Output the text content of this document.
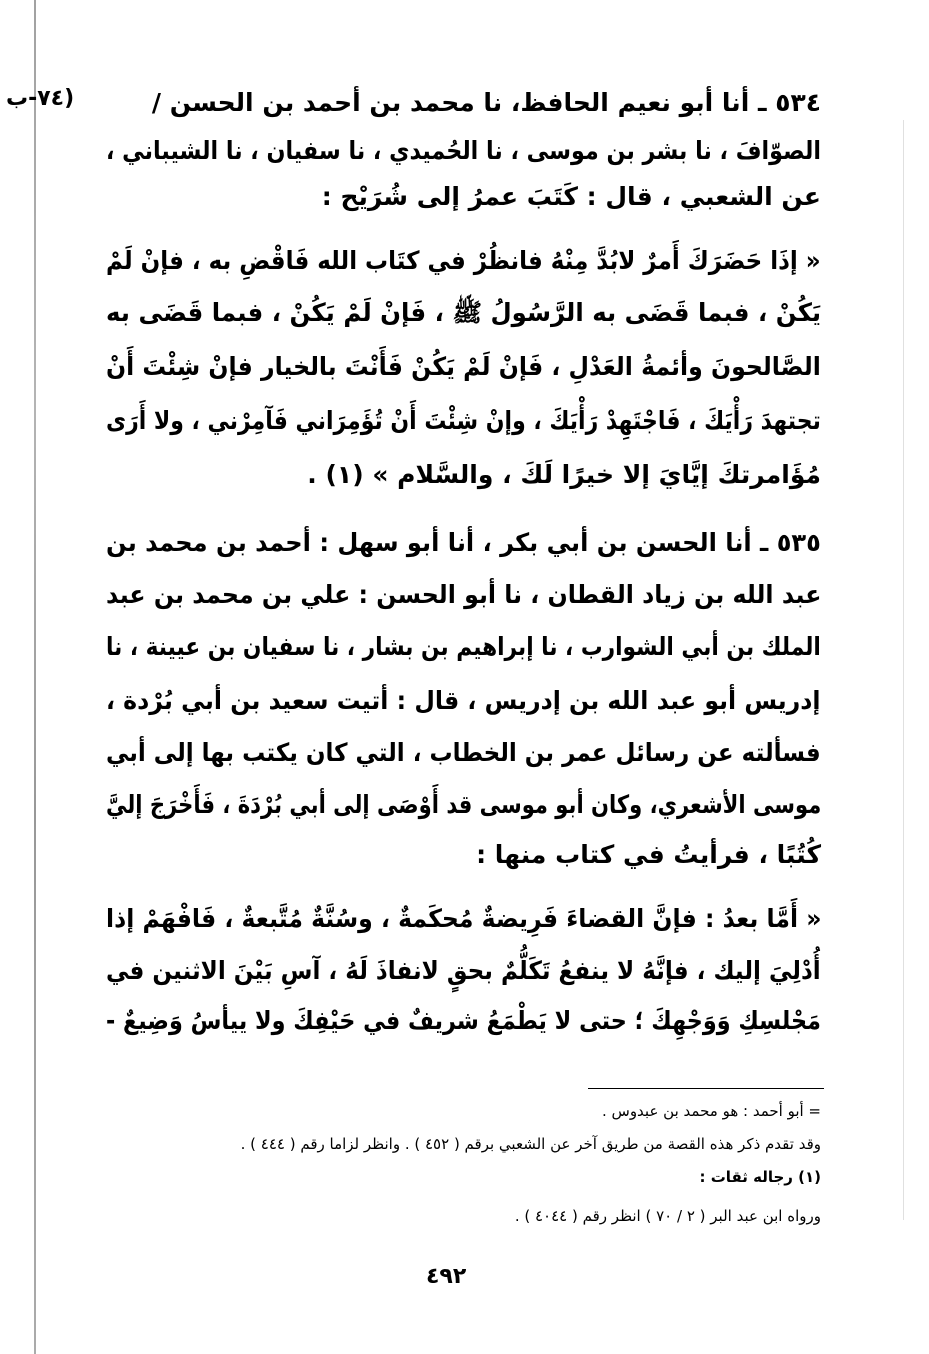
(٧٤-ب	٥٣٤ ـ أنا أبو نعيم الحافظ، نا محمد بن أحمد بن الحسن /
الصوّافَ ، نا بشر بن موسى ، نا الحُميدي ، نا سفيان ، نا الشيباني ،
عن الشعبي ، قال : كَتَبَ عمرُ إلى شُرَيْح :
« إذَا حَضَرَكَ أَمرٌ لابُدَّ مِنْهُ فانظُرْ في كتَاب الله فَاقْضِ به ، فإنْ لَمْ
يَكُنْ ، فبما قَضَى به الرَّسُولُ ﷺ ، فَإنْ لَمْ يَكُنْ ، فبما قَضَى به
الصَّالحونَ وأئمةُ العَدْلِ ، فَإنْ لَمْ يَكُنْ فَأَنْتَ بالخيار فإنْ شِئْتَ أَنْ
تجتهدَ رَأْيَكَ ، فَاجْتَهِدْ رَأْيَكَ ، وإنْ شِئْتَ أَنْ تُؤَمِرَاني فَآمِرْني ، ولا أَرَى
مُؤَامرتكَ إيَّايَ إلا خيرًا لَكَ ، والسَّلام » (١) .
٥٣٥ ـ أنا الحسن بن أبي بكر ، أنا أبو سهل : أحمد بن محمد بن
عبد الله بن زياد القطان ، نا أبو الحسن : علي بن محمد بن عبد
الملك بن أبي الشوارب ، نا إبراهيم بن بشار ، نا سفيان بن عيينة ، نا
إدريس أبو عبد الله بن إدريس ، قال : أتيت سعيد بن أبي بُرْدة ،
فسألته عن رسائل عمر بن الخطاب ، التي كان يكتب بها إلى أبي
موسى الأشعري، وكان أبو موسى قد أَوْصَى إلى أبي بُرْدَةَ ، فَأَخْرَجَ إليَّ
كُتُبًا ، فرأيتُ في كتاب منها :
« أَمَّا بعدُ : فإنَّ القضاءَ فَرِيضةٌ مُحكَمةٌ ، وسُنَّةٌ مُتَّبعةٌ ، فَافْهَمْ إذا
أُدْلِيَ إليك ، فإنَّهُ لا ينفعُ تَكَلُّمٌ بحقٍ لانفاذَ لَهُ ، آسِ بَيْنَ الاثنين في
مَجْلسِكِ وَوَجْهِكَ ؛ حتى لا يَطْمَعُ شريفٌ في حَيْفِكَ ولا ييأسُ وَضِيعٌ -
= أبو أحمد : هو محمد بن عبدوس .
وقد تقدم ذكر هذه القصة من طريق آخر عن الشعبي برقم ( ٤٥٢ ) . وانظر لزاما رقم ( ٤٤٤ ) .
(١) رجاله ثقات :
ورواه ابن عبد البر ( ٢ / ٧٠ ) انظر رقم ( ٤٠٤٤ ) .
٤٩٢
